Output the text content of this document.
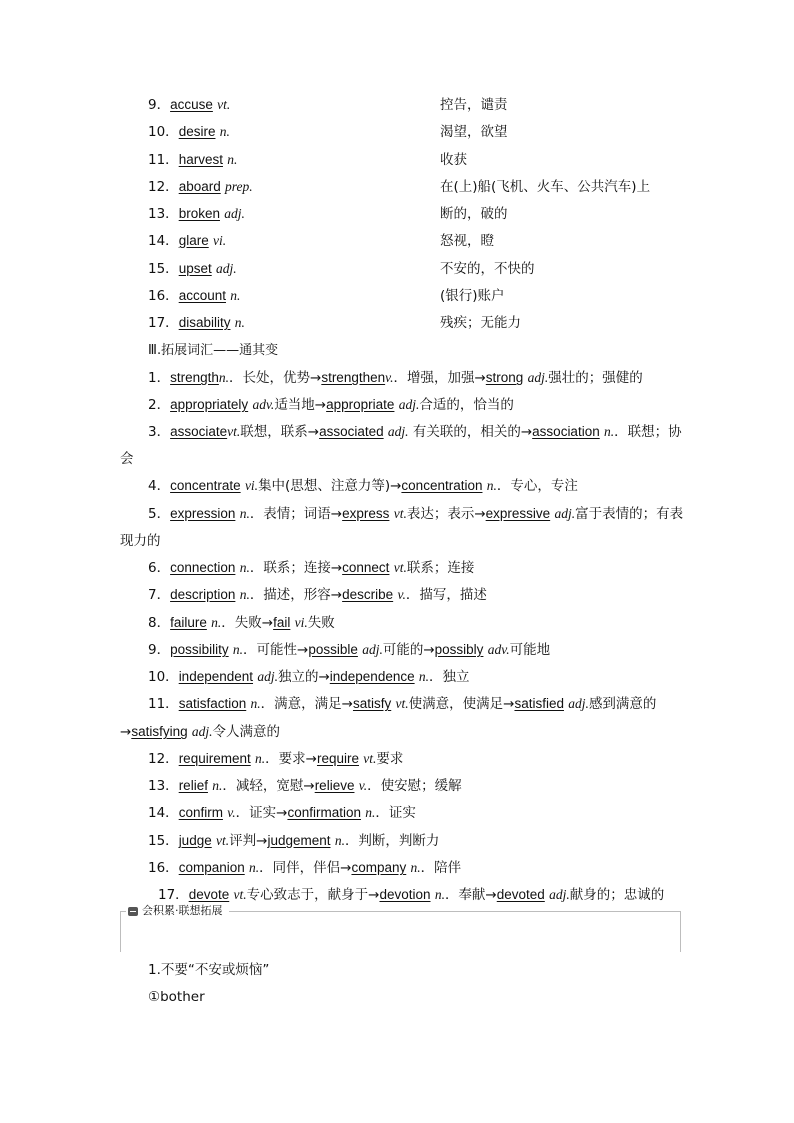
9．accuse vt.	控告，谴责
10．desire n.	渴望，欲望
11．harvest n.	收获
12．aboard prep.	在(上)船(飞机、火车、公共汽车)上
13．broken adj.	断的，破的
14．glare vi.	怒视，瞪
15．upset adj.	不安的，不快的
16．account n.	(银行)账户
17．disability n.	残疾；无能力
Ⅲ.拓展词汇——通其变
1．strengthn.．长处，优势→strengthenv.．增强，加强→strong adj.强壮的；强健的
2．appropriately adv.适当地→appropriate adj.合适的，恰当的
3．associatevt.联想，联系→associated adj. 有关联的，相关的→association n.．联想；协
会
4．concentrate vi.集中(思想、注意力等)→concentration n.．专心，专注
5．expression n.．表情；词语→express vt.表达；表示→expressive adj.富于表情的；有表
现力的
6．connection n.．联系；连接→connect vt.联系；连接
7．description n.．描述，形容→describe v.．描写，描述
8．failure n.．失败→fail vi.失败
9．possibility n.．可能性→possible adj.可能的→possibly adv.可能地
10．independent adj.独立的→independence n.．独立
11．satisfaction n.．满意，满足→satisfy vt.使满意，使满足→satisfied adj.感到满意的
→satisfying adj.令人满意的
12．requirement n.．要求→require vt.要求
13．relief n.．减轻，宽慰→relieve v.．使安慰；缓解
14．confirm v.．证实→confirmation n.．证实
15．judge vt.评判→judgement n.．判断，判断力
16．companion n.．同伴，伴侣→company n.．陪伴
17．devote vt.专心致志于，献身于→devotion n.．奉献→devoted adj.献身的；忠诚的
会积累·联想拓展
1.不要“不安或烦恼”
①bother
